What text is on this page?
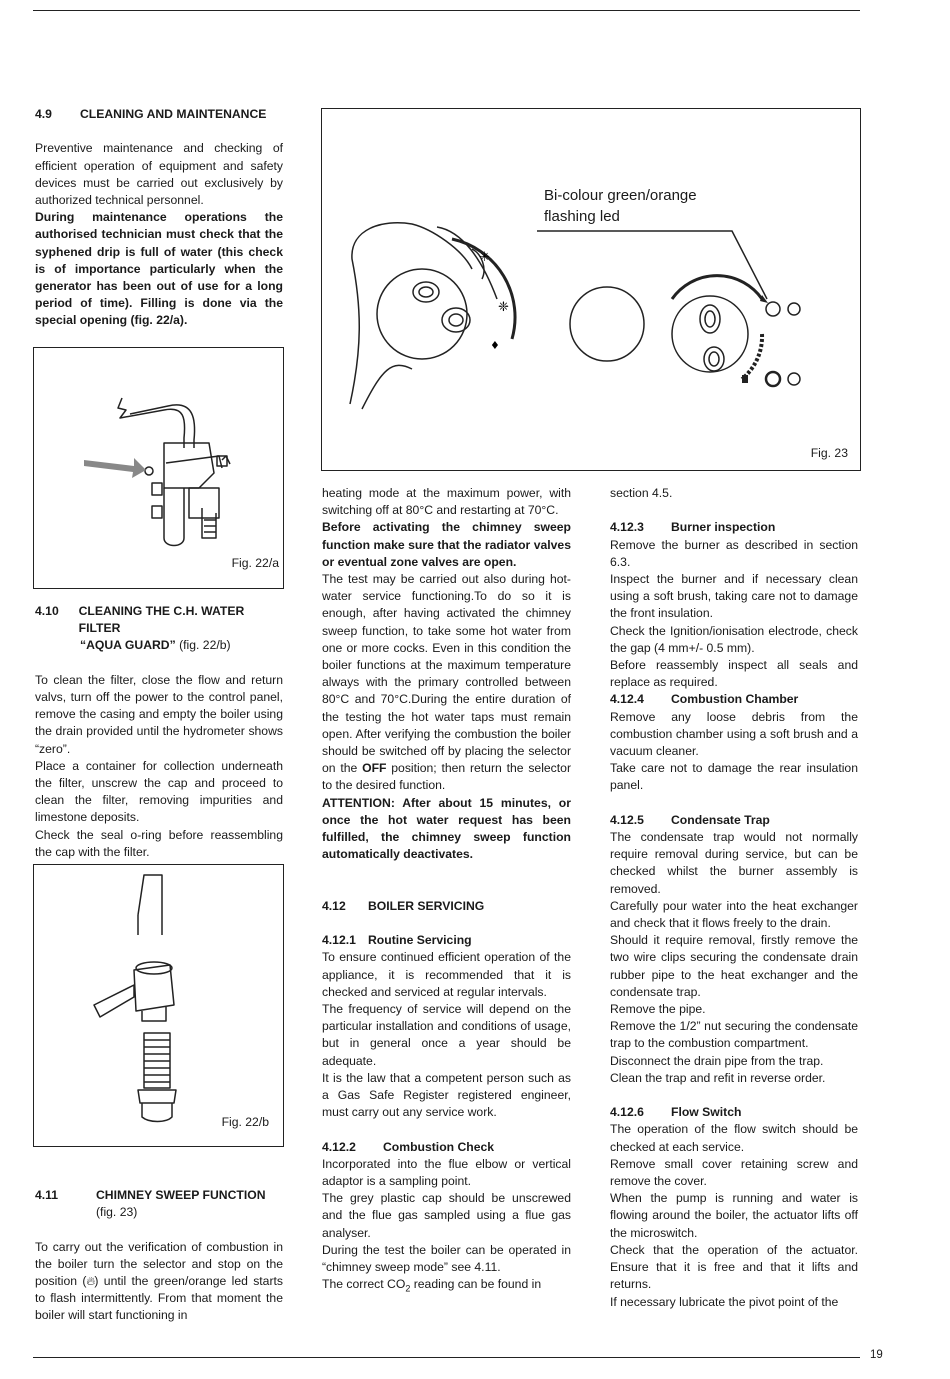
19
4.9	CLEANING AND MAINTENANCE

Preventive maintenance and checking of efficient operation of equipment and safety devices must be carried out exclusively by authorized technical personnel.

During maintenance operations the authorised technician must check that the syphened drip is full of water (this check is of importance particularly when the generator has been out of use for a long period of time). Filling is done via the special opening (fig. 22/a).

Fig. 22/a
4.10	CLEANING THE C.H. WATER FILTER
“AQUA GUARD” (fig. 22/b)

To clean the filter, close the flow and return valvs, turn off the power to the control panel, remove the casing and empty the boiler using the drain provided until the hydrometer shows “zero”.

Place a container for collection underneath the filter, unscrew the cap and proceed to clean the filter, removing impurities and limestone deposits.

Check the seal o-ring before reassembling the cap with the filter.

Fig. 22/b
4.11	CHIMNEY SWEEP FUNCTION
(fig. 23)

To carry out the verification of combustion in the boiler turn the selector and stop on the position (🔥︎) until the green/orange led starts to flash intermittently. From that moment the boiler will start functioning in

✳
❈
♦
Bi-colour green/orange
flashing led
Fig. 23

heating mode at the maximum power, with switching off at 80°C and restarting at 70°C.

Before activating the chimney sweep function make sure that the radiator valves or eventual zone valves are open.

The test may be carried out also during hot-water service functioning.To do so it is enough, after having activated the chimney sweep function, to take some hot water from one or more cocks. Even in this condition the boiler functions at the maximum temperature always with the primary controlled between 80°C and 70°C.During the entire duration of the testing the hot water taps must remain open. After verifying the combustion the boiler should be switched off by placing the selector on the OFF position; then return the selector to the desired function.

ATTENTION: After about 15 minutes, or once the hot water request has been fulfilled, the chimney sweep function automatically deactivates.

4.12	BOILER SERVICING
4.12.1 Routine Servicing

To ensure continued efficient operation of the appliance, it is recommended that it is checked and serviced at regular intervals.

The frequency of service will depend on the particular installation and conditions of usage, but in general once a year should be adequate.

It is the law that a competent person such as a Gas Safe Register registered engineer, must carry out any service work.

4.12.2	Combustion Check

Incorporated into the flue elbow or vertical adaptor is a sampling point.

The grey plastic cap should be unscrewed and the flue gas sampled using a flue gas analyser.

During the test the boiler can be operated in “chimney sweep mode” see 4.11.

The correct $CO_2$ reading can be found in

section 4.5.

4.12.3	Burner inspection

Remove the burner as described in section 6.3.

Inspect the burner and if necessary clean using a soft brush, taking care not to damage the front insulation.

Check the Ignition/ionisation electrode, check the gap (4 mm+/- 0.5 mm).

Before reassembly inspect all seals and replace as required.

4.12.4	Combustion Chamber

Remove any loose debris from the combustion chamber using a soft brush and a vacuum cleaner.

Take care not to damage the rear insulation panel.

4.12.5	Condensate Trap

The condensate trap would not normally require removal during service, but can be checked whilst the burner assembly is removed.

Carefully pour water into the heat exchanger and check that it flows freely to the drain.

Should it require removal, firstly remove the two wire clips securing the condensate drain rubber pipe to the heat exchanger and the condensate trap.

Remove the pipe.

Remove the 1/2” nut securing the condensate trap to the combustion compartment.

Disconnect the drain pipe from the trap.

Clean the trap and refit in reverse order.

4.12.6	Flow Switch

The operation of the flow switch should be checked at each service.

Remove small cover retaining screw and remove the cover.

When the pump is running and water is flowing around the boiler, the actuator lifts off the microswitch.

Check that the operation of the actuator. Ensure that it is free and that it lifts and returns.

If necessary lubricate the pivot point of the
